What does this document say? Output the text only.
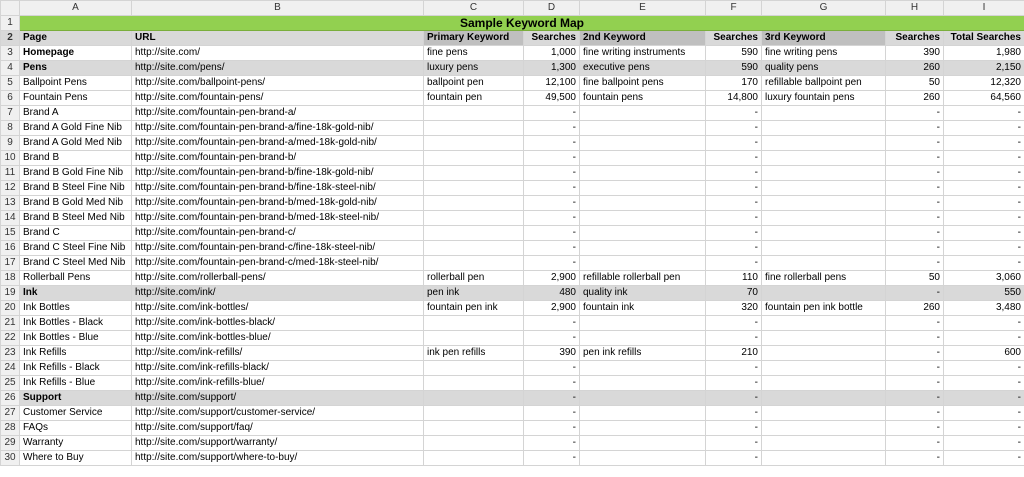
	A	B	C	D	E	F	G	H	I
1	Sample Keyword Map								
2	Page	URL	Primary Keyword	Searches	2nd Keyword	Searches	3rd Keyword	Searches	Total Searches
3	Homepage	http://site.com/	fine pens	1,000	fine writing instruments	590	fine writing pens	390	1,980
4	Pens	http://site.com/pens/	luxury pens	1,300	executive pens	590	quality pens	260	2,150
5	Ballpoint Pens	http://site.com/ballpoint-pens/	ballpoint pen	12,100	fine ballpoint pens	170	refillable ballpoint pen	50	12,320
6	Fountain Pens	http://site.com/fountain-pens/	fountain pen	49,500	fountain pens	14,800	luxury fountain pens	260	64,560
7	Brand A	http://site.com/fountain-pen-brand-a/		-		-		-	-
8	Brand A Gold Fine Nib	http://site.com/fountain-pen-brand-a/fine-18k-gold-nib/		-		-		-	-
9	Brand A Gold Med Nib	http://site.com/fountain-pen-brand-a/med-18k-gold-nib/		-		-		-	-
10	Brand B	http://site.com/fountain-pen-brand-b/		-		-		-	-
11	Brand B Gold Fine Nib	http://site.com/fountain-pen-brand-b/fine-18k-gold-nib/		-		-		-	-
12	Brand B Steel Fine Nib	http://site.com/fountain-pen-brand-b/fine-18k-steel-nib/		-		-		-	-
13	Brand B Gold Med Nib	http://site.com/fountain-pen-brand-b/med-18k-gold-nib/		-		-		-	-
14	Brand B Steel Med Nib	http://site.com/fountain-pen-brand-b/med-18k-steel-nib/		-		-		-	-
15	Brand C	http://site.com/fountain-pen-brand-c/		-		-		-	-
16	Brand C Steel Fine Nib	http://site.com/fountain-pen-brand-c/fine-18k-steel-nib/		-		-		-	-
17	Brand C Steel Med Nib	http://site.com/fountain-pen-brand-c/med-18k-steel-nib/		-		-		-	-
18	Rollerball Pens	http://site.com/rollerball-pens/	rollerball pen	2,900	refillable rollerball pen	110	fine rollerball pens	50	3,060
19	Ink	http://site.com/ink/	pen ink	480	quality ink	70		-	550
20	Ink Bottles	http://site.com/ink-bottles/	fountain pen ink	2,900	fountain ink	320	fountain pen ink bottle	260	3,480
21	Ink Bottles - Black	http://site.com/ink-bottles-black/		-		-		-	-
22	Ink Bottles - Blue	http://site.com/ink-bottles-blue/		-		-		-	-
23	Ink Refills	http://site.com/ink-refills/	ink pen refills	390	pen ink refills	210		-	600
24	Ink Refills - Black	http://site.com/ink-refills-black/		-		-		-	-
25	Ink Refills - Blue	http://site.com/ink-refills-blue/		-		-		-	-
26	Support	http://site.com/support/		-		-		-	-
27	Customer Service	http://site.com/support/customer-service/		-		-		-	-
28	FAQs	http://site.com/support/faq/		-		-		-	-
29	Warranty	http://site.com/support/warranty/		-		-		-	-
30	Where to Buy	http://site.com/support/where-to-buy/		-		-		-	-
